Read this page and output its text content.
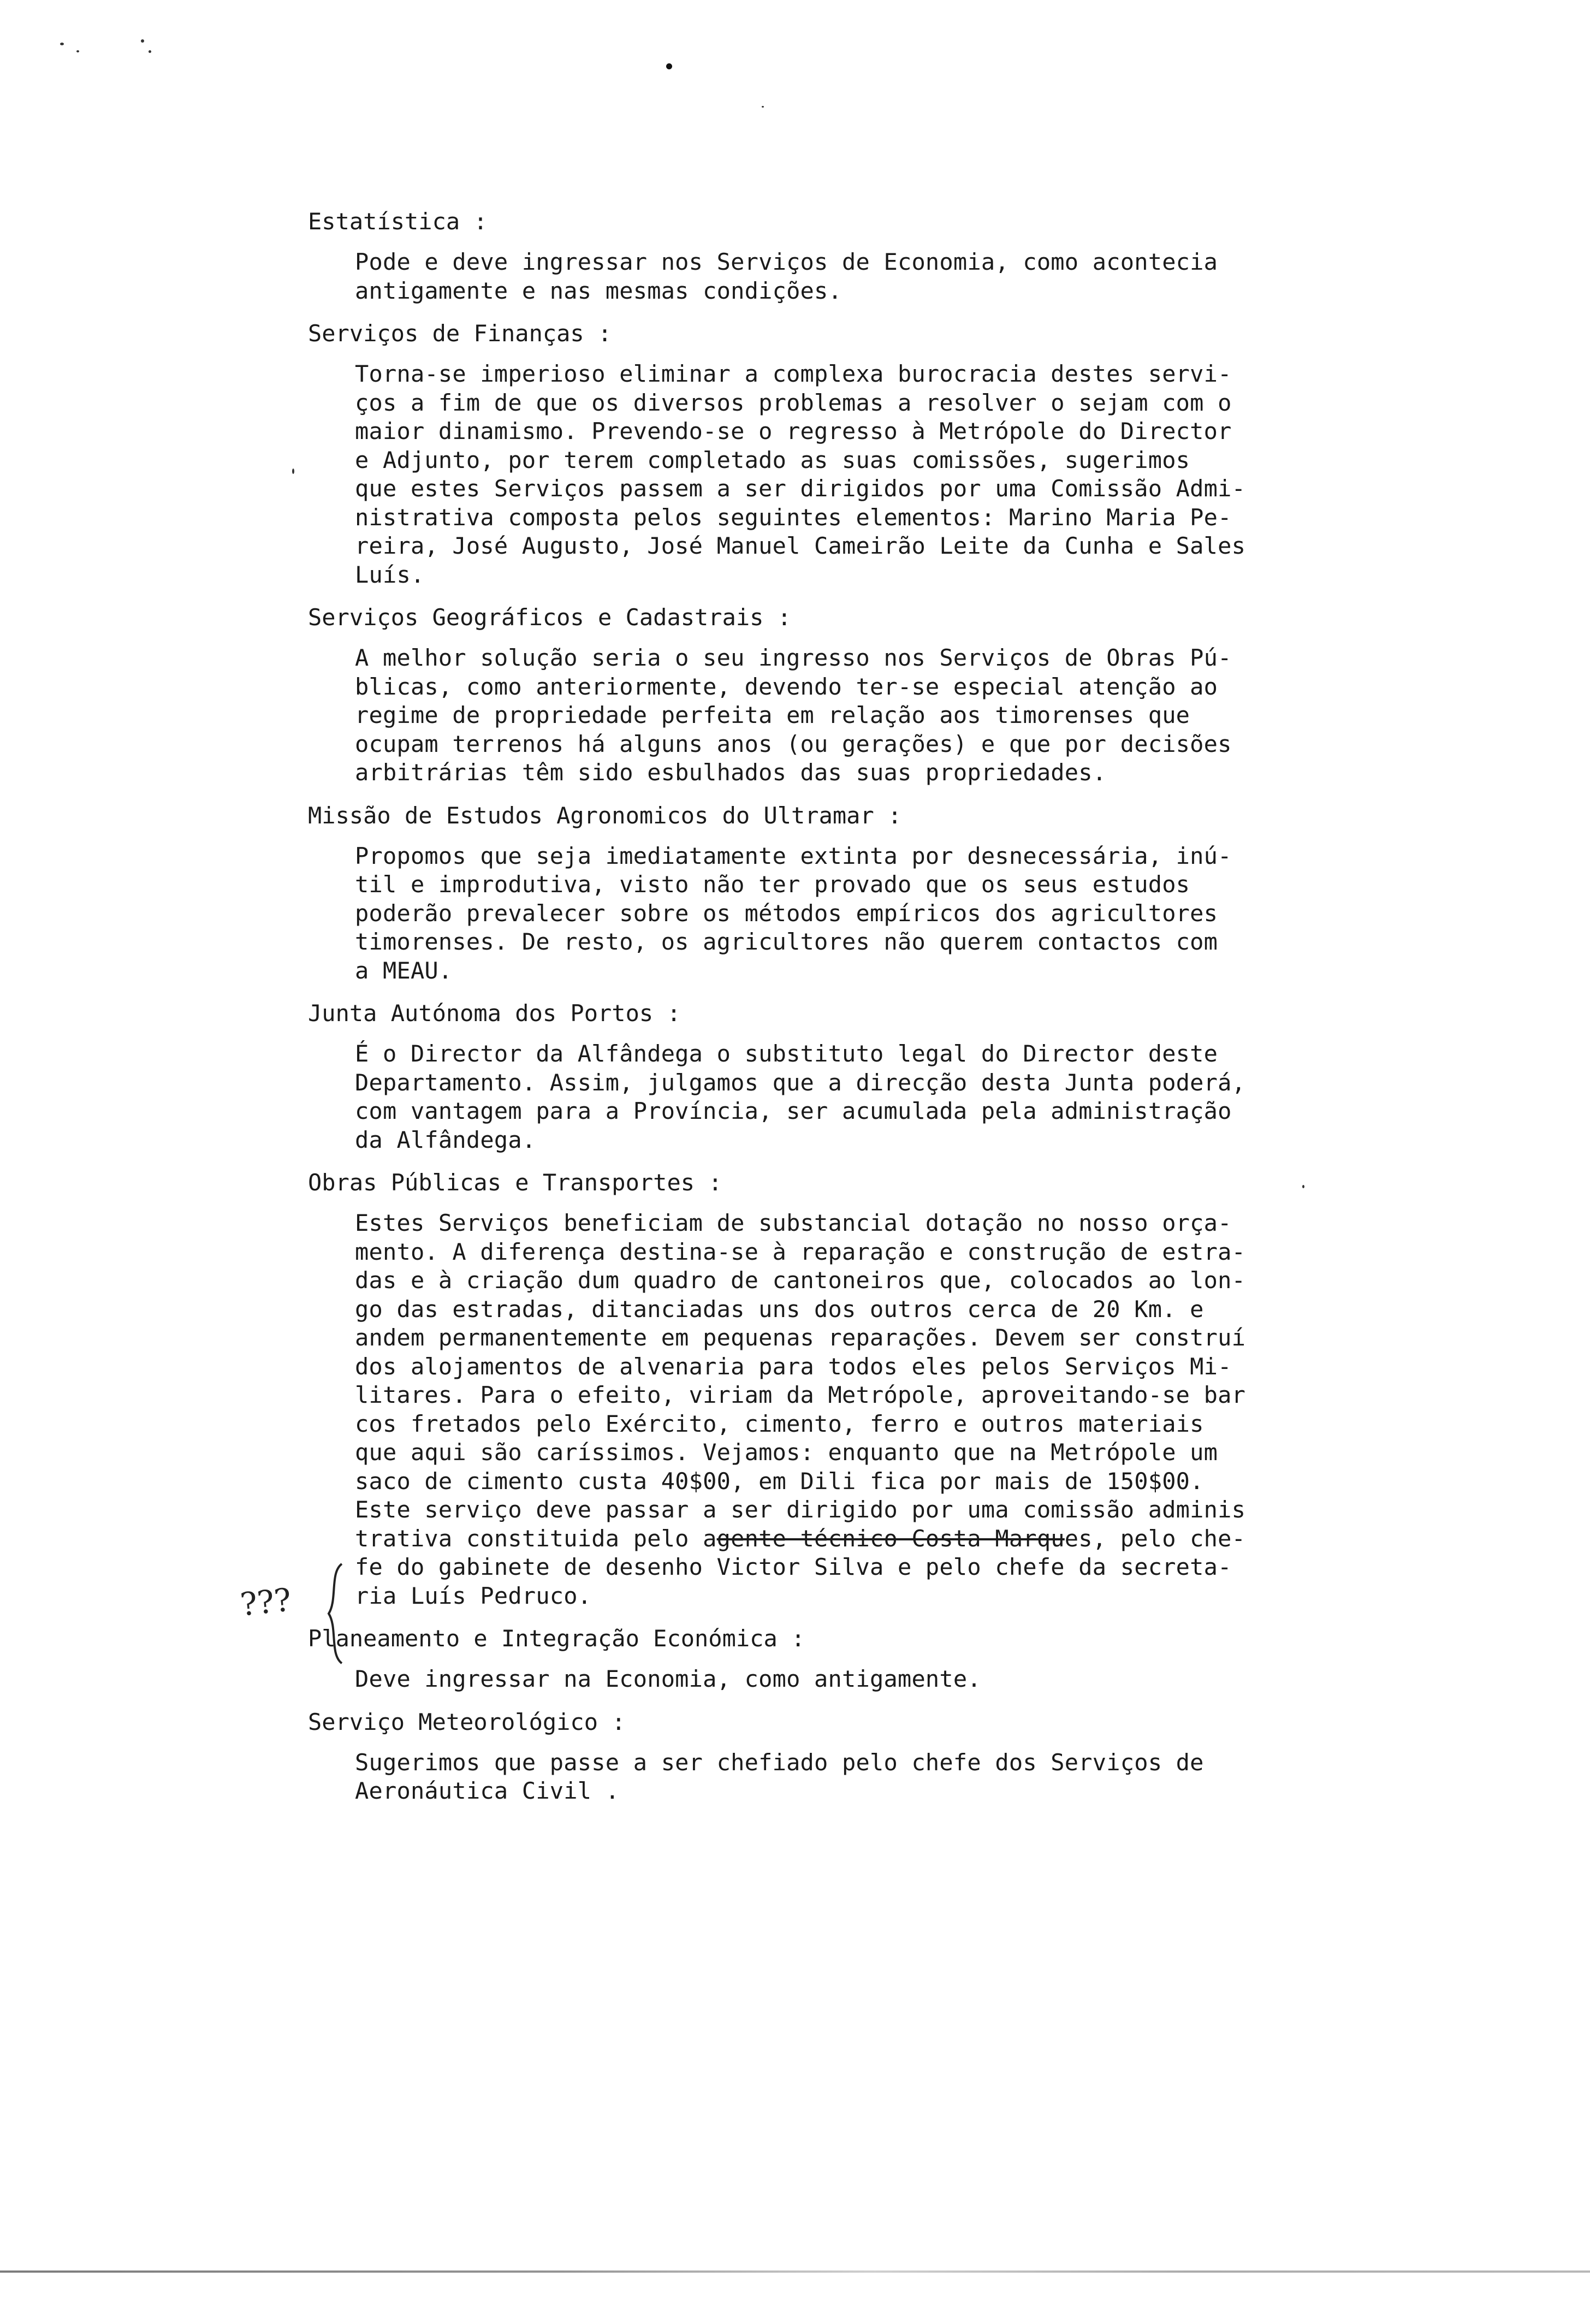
Estatística :
Pode e deve ingressar nos Serviços de Economia, como acontecia
antigamente e nas mesmas condições.
Serviços de Finanças :
Torna-se imperioso eliminar a complexa burocracia destes servi-
ços a fim de que os diversos problemas a resolver o sejam com o
maior dinamismo. Prevendo-se o regresso à Metrópole do Director
e Adjunto, por terem completado as suas comissões, sugerimos
que estes Serviços passem a ser dirigidos por uma Comissão Admi-
nistrativa composta pelos seguintes elementos: Marino Maria Pe-
reira, José Augusto, José Manuel Cameirão Leite da Cunha e Sales
Luís.
Serviços Geográficos e Cadastrais :
A melhor solução seria o seu ingresso nos Serviços de Obras Pú-
blicas, como anteriormente, devendo ter-se especial atenção ao
regime de propriedade perfeita em relação aos timorenses que
ocupam terrenos há alguns anos (ou gerações) e que por decisões
arbitrárias têm sido esbulhados das suas propriedades.
Missão de Estudos Agronomicos do Ultramar :
Propomos que seja imediatamente extinta por desnecessária, inú-
til e improdutiva, visto não ter provado que os seus estudos
poderão prevalecer sobre os métodos empíricos dos agricultores
timorenses. De resto, os agricultores não querem contactos com
a MEAU.
Junta Autónoma dos Portos :
É o Director da Alfândega o substituto legal do Director deste
Departamento. Assim, julgamos que a direcção desta Junta poderá,
com vantagem para a Província, ser acumulada pela administração
da Alfândega.
Obras Públicas e Transportes :
Estes Serviços beneficiam de substancial dotação no nosso orça-
mento. A diferença destina-se à reparação e construção de estra-
das e à criação dum quadro de cantoneiros que, colocados ao lon-
go das estradas, ditanciadas uns dos outros cerca de 20 Km. e
andem permanentemente em pequenas reparações. Devem ser construí
dos alojamentos de alvenaria para todos eles pelos Serviços Mi-
litares. Para o efeito, viriam da Metrópole, aproveitando-se bar
cos fretados pelo Exército, cimento, ferro e outros materiais
que aqui são caríssimos. Vejamos: enquanto que na Metrópole um
saco de cimento custa 40$00, em Dili fica por mais de 150$00.
Este serviço deve passar a ser dirigido por uma comissão adminis
trativa constituida pelo agente técnico Costa Marques, pelo che-
fe do gabinete de desenho Victor Silva e pelo chefe da secreta-
ria Luís Pedruco.
Planeamento e Integração Económica :
Deve ingressar na Economia, como antigamente.
Serviço Meteorológico :
Sugerimos que passe a ser chefiado pelo chefe dos Serviços de
Aeronáutica Civil .
???
